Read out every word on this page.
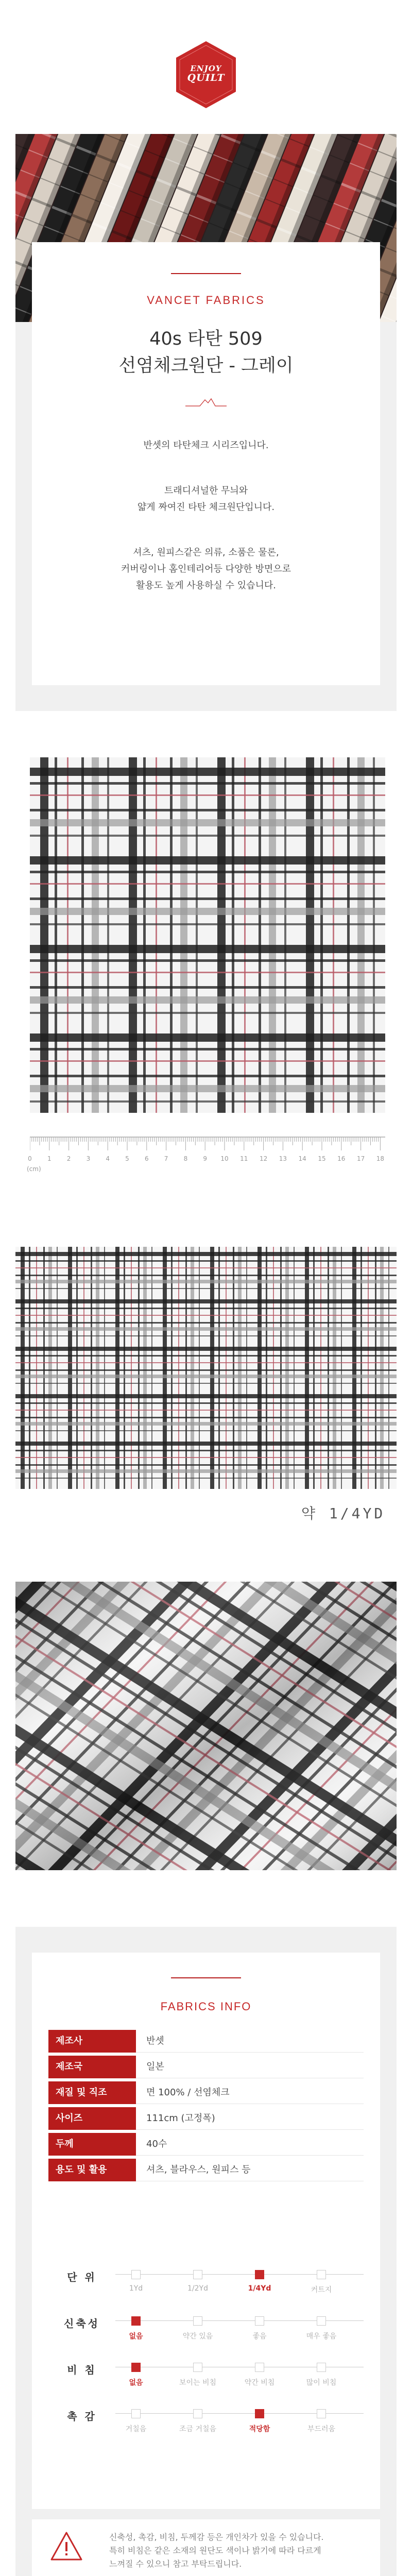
ENJOY
QUILT
VANCET FABRICS
40s 타탄 509
선염체크원단 - 그레이
반셋의 타탄체크 시리즈입니다.
트래디셔널한 무늬와
얇게 짜여진 타탄 체크원단입니다.
셔츠, 원피스같은 의류, 소품은 물론,
커버링이나 홈인테리어등 다양한 방면으로
활용도 높게 사용하실 수 있습니다.
0	1	2	3	4	5	6	7	8	9	10 11 12 13 14 15 16 17 18
(cm)
약 1/4YD
FABRICS INFO
제조사	반셋
제조국	일본
재질 및 직조	면 100% / 선염체크
사이즈	111cm (고정폭)
두께	40수
용도 및 활용	셔츠, 블라우스, 원피스 등
단 위
1Yd	1/2Yd	1/4Yd	커트지
신축성
없음	약간 있음	좋음	매우 좋음
비 침
없음	보이는 비침	약간 비침	많이 비침
촉 감
거칠음	조금 거칠음	적당함	부드러움
신축성, 촉감, 비침, 두께감 등은 개인차가 있을 수 있습니다.
특히 비침은 같은 소재의 원단도 색이나 밝기에 따라 다르게
느껴질 수 있으니 참고 부탁드립니다.
